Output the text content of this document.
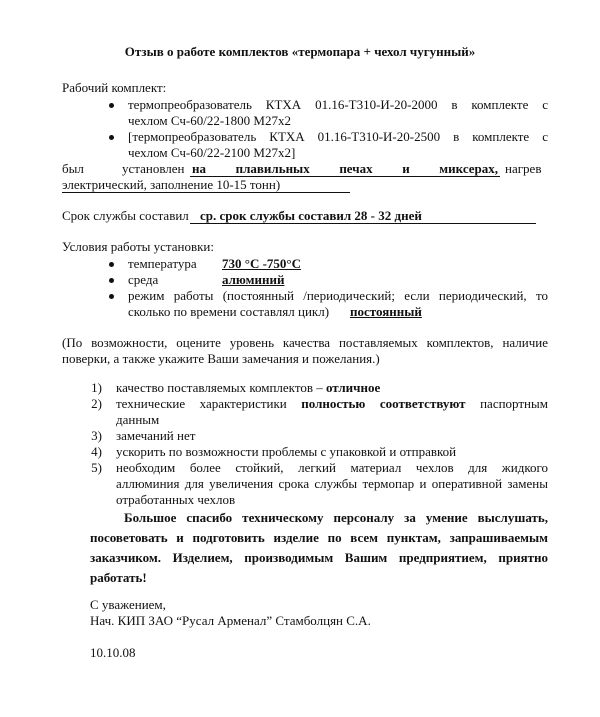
Отзыв о работе комплектов «термопара + чехол чугунный»
Рабочий комплект:
термопреобразователь КТХА 01.16-Т310-И-20-2000 в комплекте с
чехлом Сч-60/22-1800 М27х2
[термопреобразователь КТХА 01.16-Т310-И-20-2500 в комплекте с
чехлом Сч-60/22-2100 М27х2]
был	установлен на плавильных печах и миксерах, нагрев
электрический, заполнение 10-15 тонн)
Срок службы составил ср. срок службы составил 28 - 32 дней
Условия работы установки:
температура 730 °С -750°С
среда	алюминий
режим работы (постоянный /периодический; если периодический, то
сколько по времени составлял цикл) постоянный
(По возможности, оцените уровень качества поставляемых комплектов, наличие
поверки, а также укажите Ваши замечания и пожелания.)
1) качество поставляемых комплектов – отличное
2) технические характеристики полностью соответствуют паспортным
данным
3) замечаний нет
4) ускорить по возможности проблемы с упаковкой и отправкой
5) необходим более стойкий, легкий материал чехлов для жидкого
аллюминия для увеличения срока службы термопар и оперативной замены
отработанных чехлов
Большое спасибо техническому персоналу за умение выслушать, посоветовать и подготовить изделие по всем пунктам, запрашиваемым заказчиком. Изделием, производимым Вашим предприятием, приятно работать!
С уважением,
Нач. КИП ЗАО “Русал Арменал” Стамболцян С.А.
10.10.08
